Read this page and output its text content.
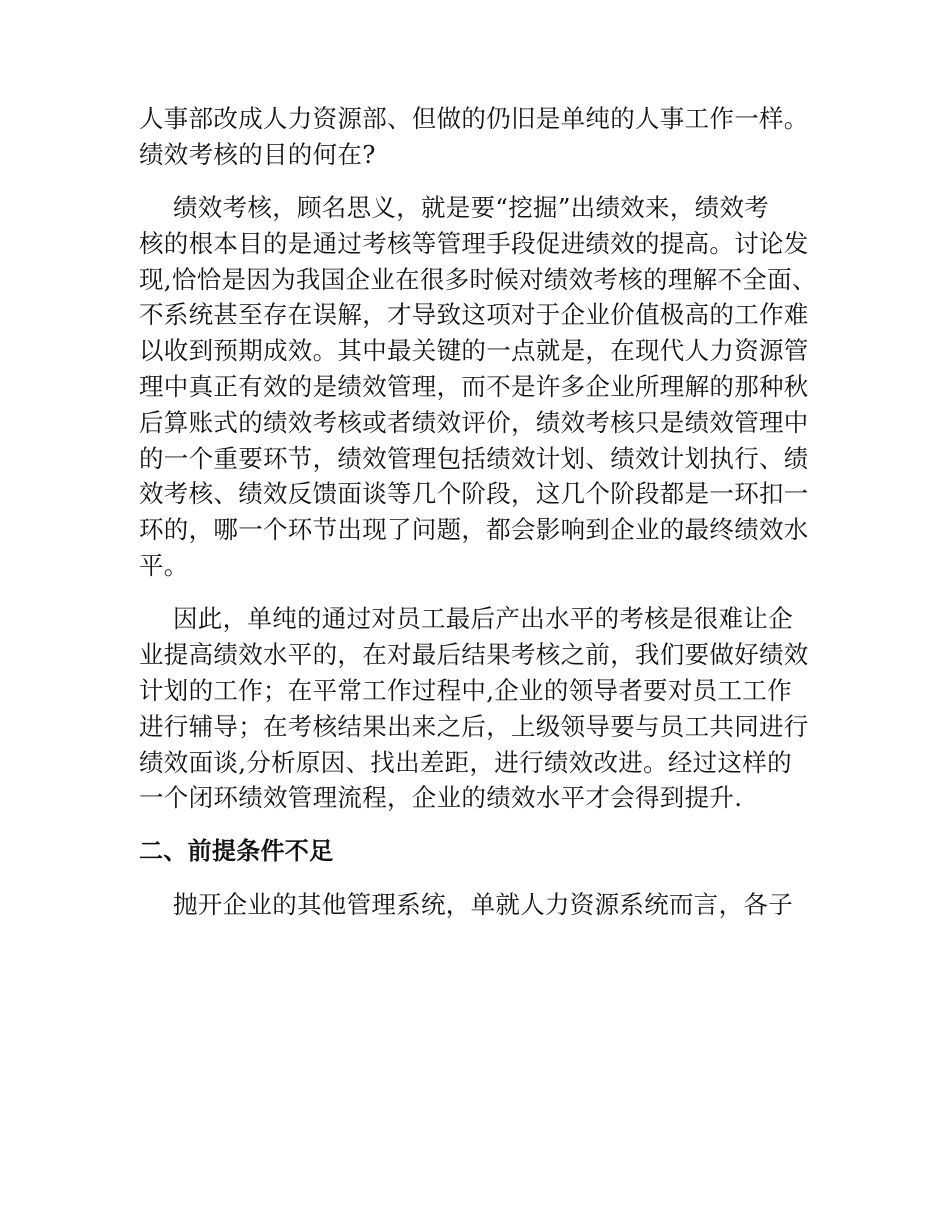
人事部改成人力资源部、但做的仍旧是单纯的人事工作一样。
绩效考核的目的何在?
绩效考核，顾名思义，就是要“挖掘”出绩效来，绩效考
核的根本目的是通过考核等管理手段促进绩效的提高。讨论发
现,恰恰是因为我国企业在很多时候对绩效考核的理解不全面、
不系统甚至存在误解，才导致这项对于企业价值极高的工作难
以收到预期成效。其中最关键的一点就是，在现代人力资源管
理中真正有效的是绩效管理，而不是许多企业所理解的那种秋
后算账式的绩效考核或者绩效评价，绩效考核只是绩效管理中
的一个重要环节，绩效管理包括绩效计划、绩效计划执行、绩
效考核、绩效反馈面谈等几个阶段，这几个阶段都是一环扣一
环的，哪一个环节出现了问题，都会影响到企业的最终绩效水
平。
因此，单纯的通过对员工最后产出水平的考核是很难让企
业提高绩效水平的，在对最后结果考核之前，我们要做好绩效
计划的工作；在平常工作过程中,企业的领导者要对员工工作
进行辅导；在考核结果出来之后，上级领导要与员工共同进行
绩效面谈,分析原因、找出差距，进行绩效改进。经过这样的
一个闭环绩效管理流程，企业的绩效水平才会得到提升.
二、前提条件不足
抛开企业的其他管理系统，单就人力资源系统而言，各子
